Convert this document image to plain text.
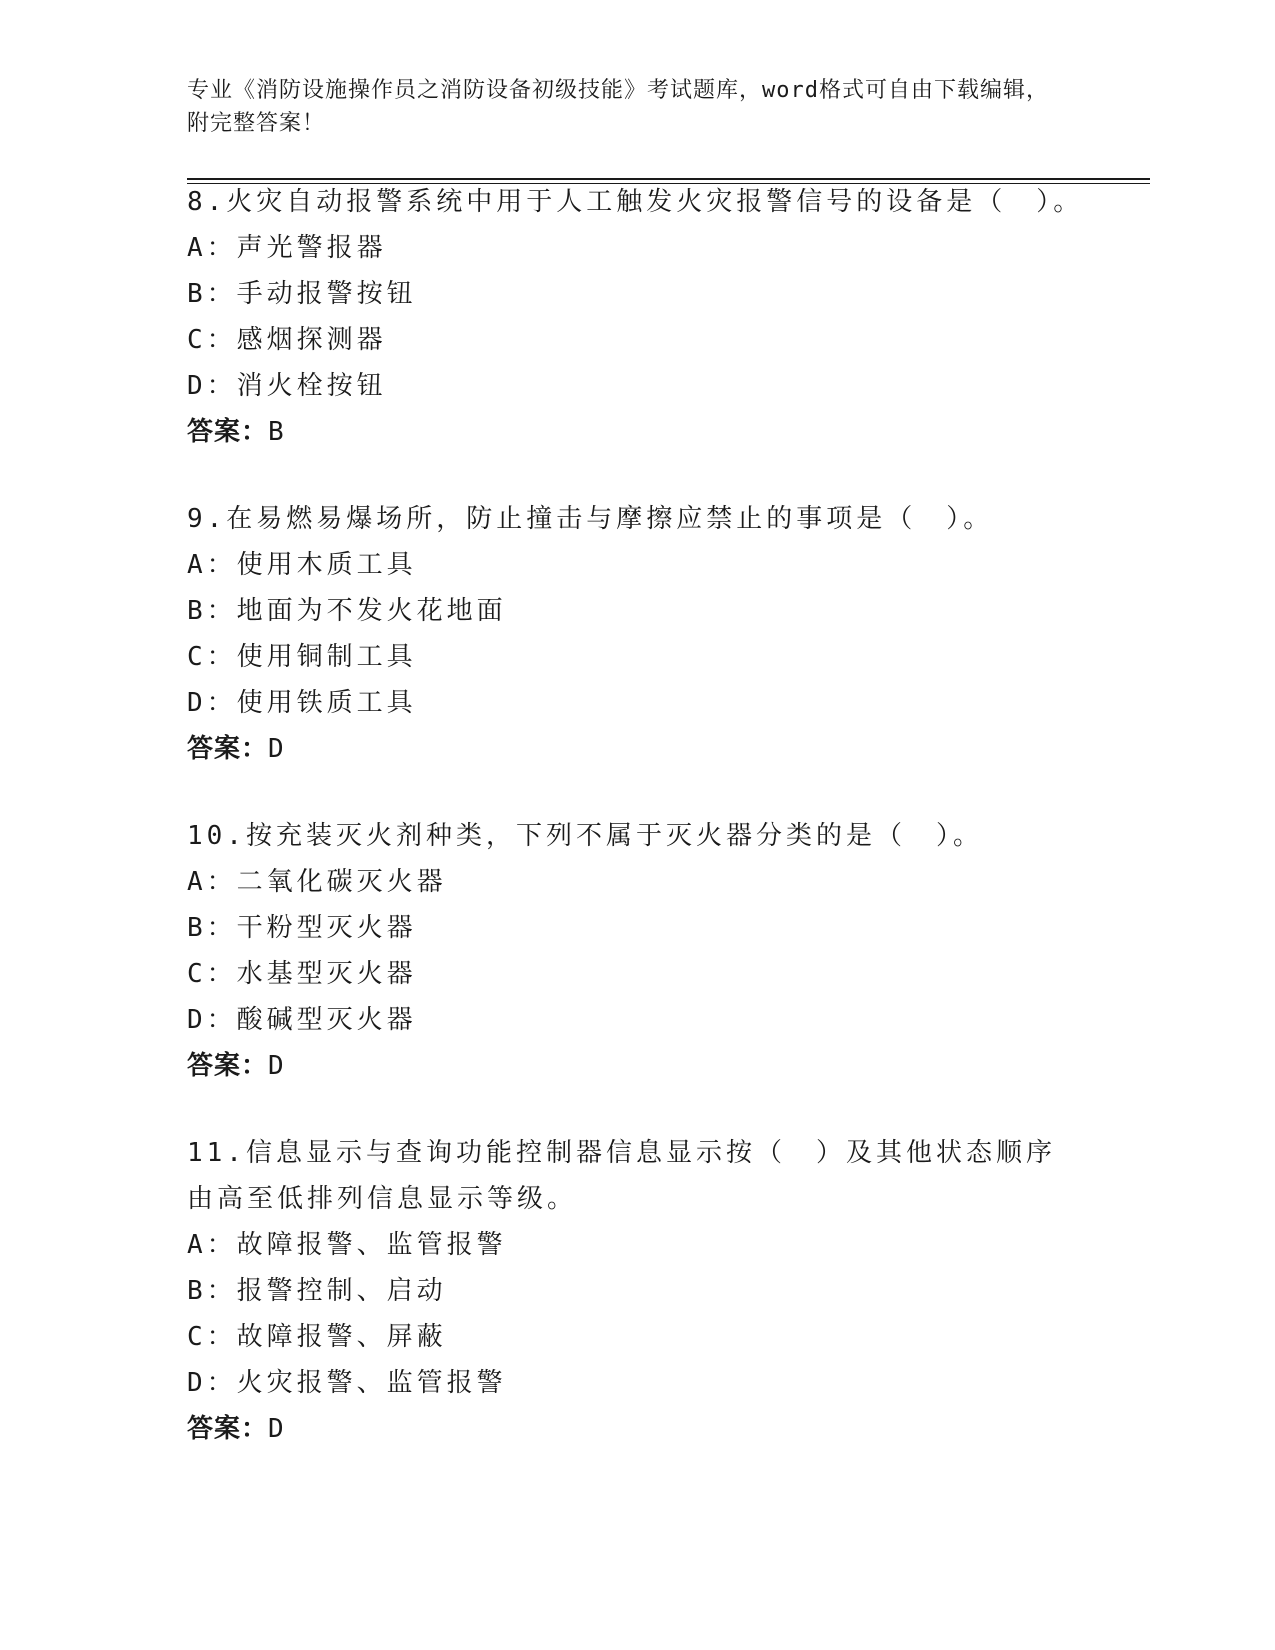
专业《消防设施操作员之消防设备初级技能》考试题库，word格式可自由下载编辑，附完整答案！

8.火灾自动报警系统中用于人工触发火灾报警信号的设备是（　）。

A：声光警报器

B：手动报警按钮

C：感烟探测器

D：消火栓按钮

答案：B

9.在易燃易爆场所，防止撞击与摩擦应禁止的事项是（　）。

A：使用木质工具

B：地面为不发火花地面

C：使用铜制工具

D：使用铁质工具

答案：D

10.按充装灭火剂种类，下列不属于灭火器分类的是（　）。

A：二氧化碳灭火器

B：干粉型灭火器

C：水基型灭火器

D：酸碱型灭火器

答案：D

11.信息显示与查询功能控制器信息显示按（　）及其他状态顺序由高至低排列信息显示等级。

A：故障报警、监管报警

B：报警控制、启动

C：故障报警、屏蔽

D：火灾报警、监管报警

答案：D
